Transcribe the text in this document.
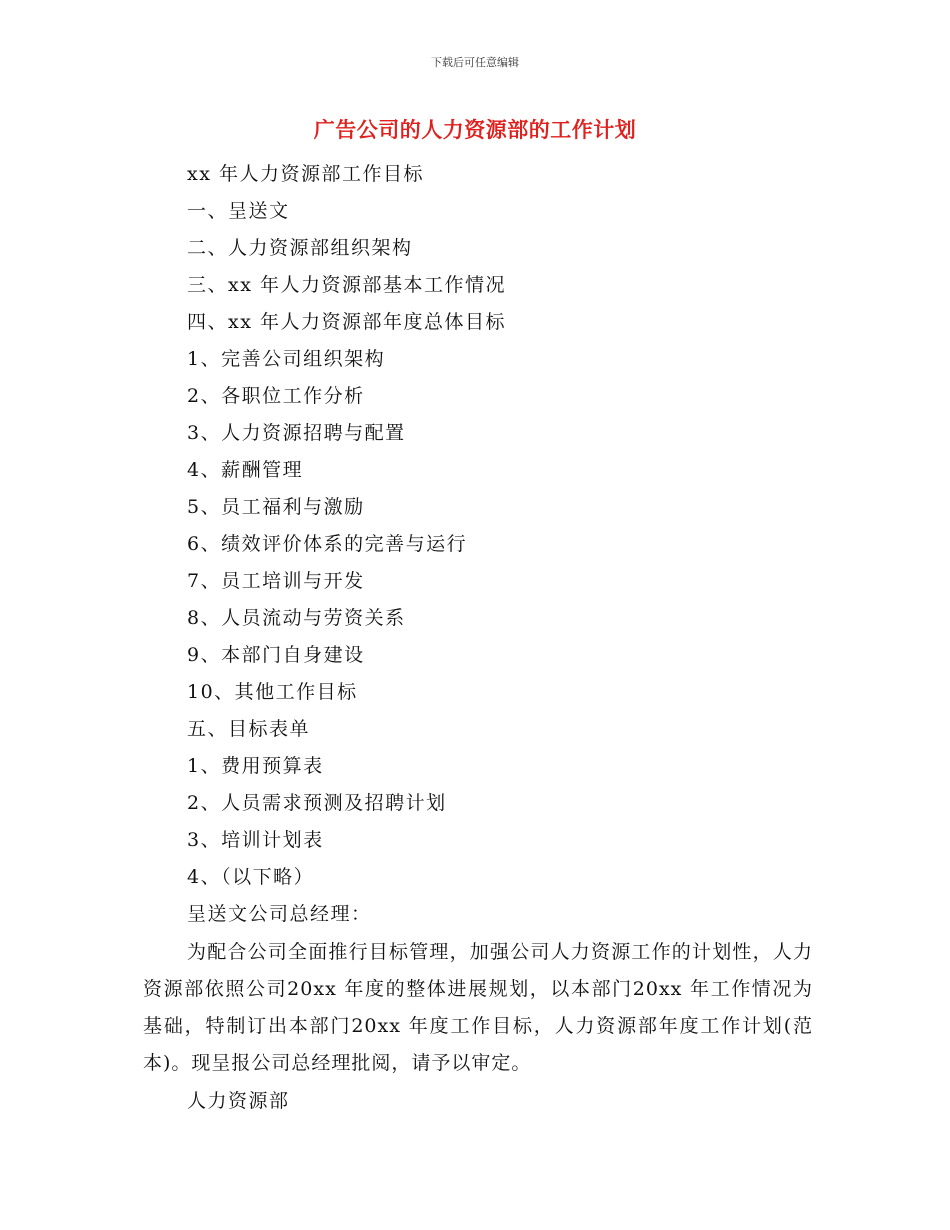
下载后可任意编辑
广告公司的人力资源部的工作计划
xx 年人力资源部工作目标
一、呈送文
二、人力资源部组织架构
三、xx 年人力资源部基本工作情况
四、xx 年人力资源部年度总体目标
1、完善公司组织架构
2、各职位工作分析
3、人力资源招聘与配置
4、薪酬管理
5、员工福利与激励
6、绩效评价体系的完善与运行
7、员工培训与开发
8、人员流动与劳资关系
9、本部门自身建设
10、其他工作目标
五、目标表单
1、费用预算表
2、人员需求预测及招聘计划
3、培训计划表
4、（以下略）
呈送文公司总经理：

为配合公司全面推行目标管理，加强公司人力资源工作的计划性，人力资源部依照公司20xx 年度的整体进展规划，以本部门20xx 年工作情况为基础，特制订出本部门20xx 年度工作目标，人力资源部年度工作计划(范本)。现呈报公司总经理批阅，请予以审定。

人力资源部
